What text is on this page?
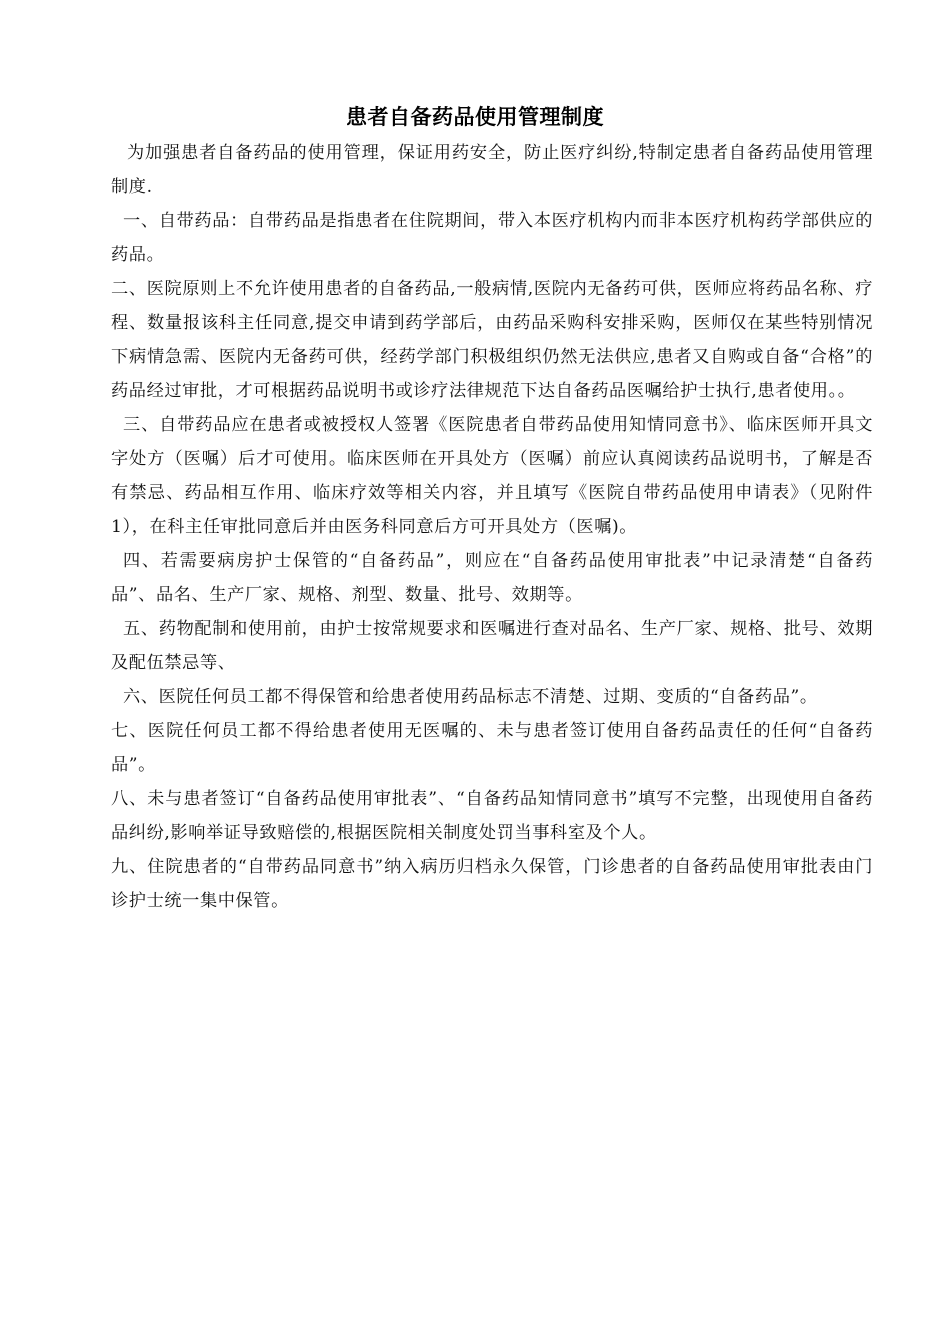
患者自备药品使用管理制度

为加强患者自备药品的使用管理，保证用药安全，防止医疗纠纷,特制定患者自备药品使用管理制度.

一、自带药品：自带药品是指患者在住院期间，带入本医疗机构内而非本医疗机构药学部供应的药品。

二、医院原则上不允许使用患者的自备药品,一般病情,医院内无备药可供，医师应将药品名称、疗程、数量报该科主任同意,提交申请到药学部后，由药品采购科安排采购，医师仅在某些特别情况下病情急需、医院内无备药可供，经药学部门积极组织仍然无法供应,患者又自购或自备“合格”的药品经过审批，才可根据药品说明书或诊疗法律规范下达自备药品医嘱给护士执行,患者使用。。

三、自带药品应在患者或被授权人签署《医院患者自带药品使用知情同意书》、临床医师开具文字处方（医嘱）后才可使用。临床医师在开具处方（医嘱）前应认真阅读药品说明书，了解是否有禁忌、药品相互作用、临床疗效等相关内容，并且填写《医院自带药品使用申请表》（见附件1），在科主任审批同意后并由医务科同意后方可开具处方（医嘱)。

四、若需要病房护士保管的“自备药品”，则应在“自备药品使用审批表”中记录清楚“自备药品”、品名、生产厂家、规格、剂型、数量、批号、效期等。

五、药物配制和使用前，由护士按常规要求和医嘱进行查对品名、生产厂家、规格、批号、效期及配伍禁忌等、

六、医院任何员工都不得保管和给患者使用药品标志不清楚、过期、变质的“自备药品”。

七、医院任何员工都不得给患者使用无医嘱的、未与患者签订使用自备药品责任的任何“自备药品”。

八、未与患者签订“自备药品使用审批表”、“自备药品知情同意书”填写不完整，出现使用自备药品纠纷,影响举证导致赔偿的,根据医院相关制度处罚当事科室及个人。

九、住院患者的“自带药品同意书”纳入病历归档永久保管，门诊患者的自备药品使用审批表由门诊护士统一集中保管。
